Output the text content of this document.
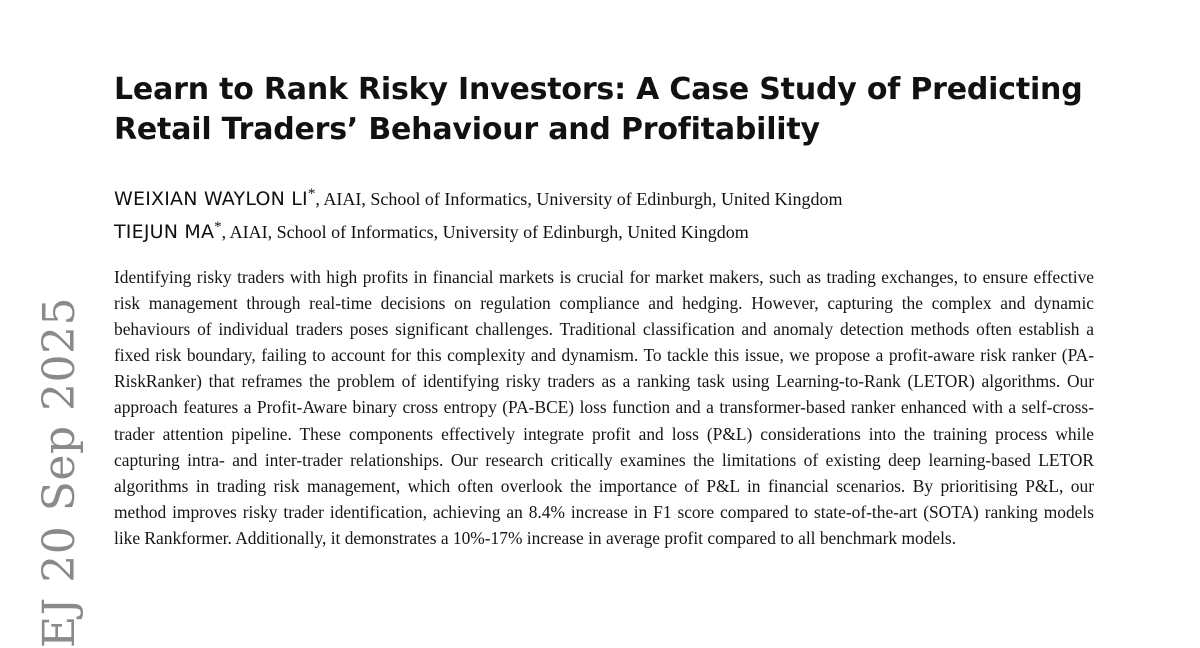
EJ 20 Sep 2025
Learn to Rank Risky Investors: A Case Study of Predicting Retail Traders’ Behaviour and Profitability
WEIXIAN WAYLON LI*, AIAI, School of Informatics, University of Edinburgh, United Kingdom
TIEJUN MA*, AIAI, School of Informatics, University of Edinburgh, United Kingdom

Identifying risky traders with high profits in financial markets is crucial for market makers, such as trading exchanges, to ensure effective risk management through real-time decisions on regulation compliance and hedging. However, capturing the complex and dynamic behaviours of individual traders poses significant challenges. Traditional classification and anomaly detection methods often establish a fixed risk boundary, failing to account for this complexity and dynamism. To tackle this issue, we propose a profit-aware risk ranker (PA-RiskRanker) that reframes the problem of identifying risky traders as a ranking task using Learning-to-Rank (LETOR) algorithms. Our approach features a Profit-Aware binary cross entropy (PA-BCE) loss function and a transformer-based ranker enhanced with a self-cross-trader attention pipeline. These components effectively integrate profit and loss (P&L) considerations into the training process while capturing intra- and inter-trader relationships. Our research critically examines the limitations of existing deep learning-based LETOR algorithms in trading risk management, which often overlook the importance of P&L in financial scenarios. By prioritising P&L, our method improves risky trader identification, achieving an 8.4% increase in F1 score compared to state-of-the-art (SOTA) ranking models like Rankformer. Additionally, it demonstrates a 10%-17% increase in average profit compared to all benchmark models.
